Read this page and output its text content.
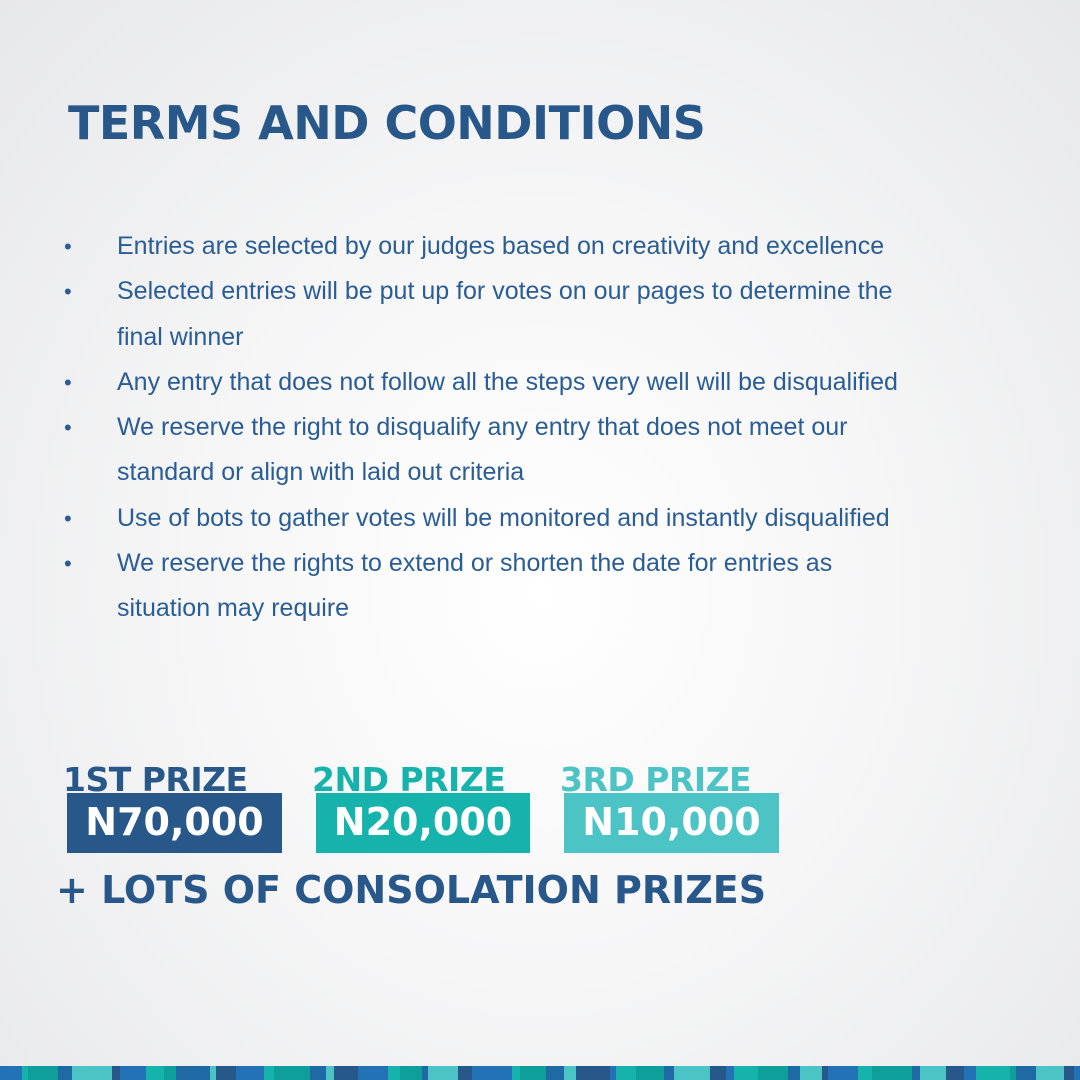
TERMS AND CONDITIONS
• Entries are selected by our judges based on creativity and excellence
• Selected entries will be put up for votes on our pages to determine the
final winner
• Any entry that does not follow all the steps very well will be disqualified
• We reserve the right to disqualify any entry that does not meet our
standard or align with laid out criteria
• Use of bots to gather votes will be monitored and instantly disqualified
• We reserve the rights to extend or shorten the date for entries as
situation may require
1ST PRIZE
N70,000
2ND PRIZE
N20,000
3RD PRIZE
N10,000

+ LOTS OF CONSOLATION PRIZES
